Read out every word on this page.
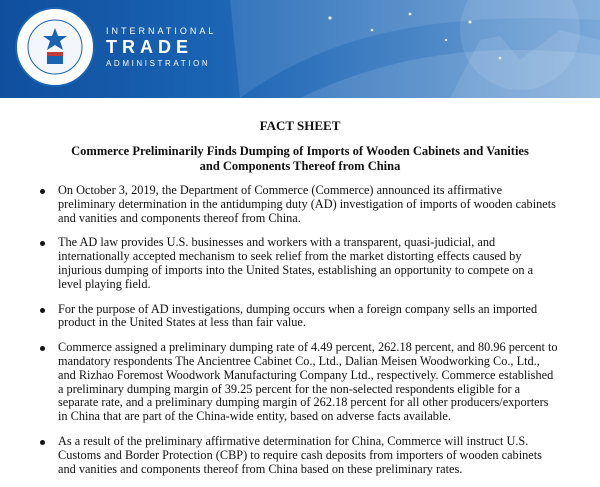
INTERNATIONAL
TRADE
ADMINISTRATION
FACT SHEET
Commerce Preliminarily Finds Dumping of Imports of Wooden Cabinets and Vanities and Components Thereof from China
On October 3, 2019, the Department of Commerce (Commerce) announced its affirmative preliminary determination in the antidumping duty (AD) investigation of imports of wooden cabinets and vanities and components thereof from China.
The AD law provides U.S. businesses and workers with a transparent, quasi-judicial, and internationally accepted mechanism to seek relief from the market distorting effects caused by injurious dumping of imports into the United States, establishing an opportunity to compete on a level playing field.
For the purpose of AD investigations, dumping occurs when a foreign company sells an imported product in the United States at less than fair value.
Commerce assigned a preliminary dumping rate of 4.49 percent, 262.18 percent, and 80.96 percent to mandatory respondents The Ancientree Cabinet Co., Ltd., Dalian Meisen Woodworking Co., Ltd., and Rizhao Foremost Woodwork Manufacturing Company Ltd., respectively. Commerce established a preliminary dumping margin of 39.25 percent for the non-selected respondents eligible for a separate rate, and a preliminary dumping margin of 262.18 percent for all other producers/exporters in China that are part of the China-wide entity, based on adverse facts available.
As a result of the preliminary affirmative determination for China, Commerce will instruct U.S. Customs and Border Protection (CBP) to require cash deposits from importers of wooden cabinets and vanities and components thereof from China based on these preliminary rates.
